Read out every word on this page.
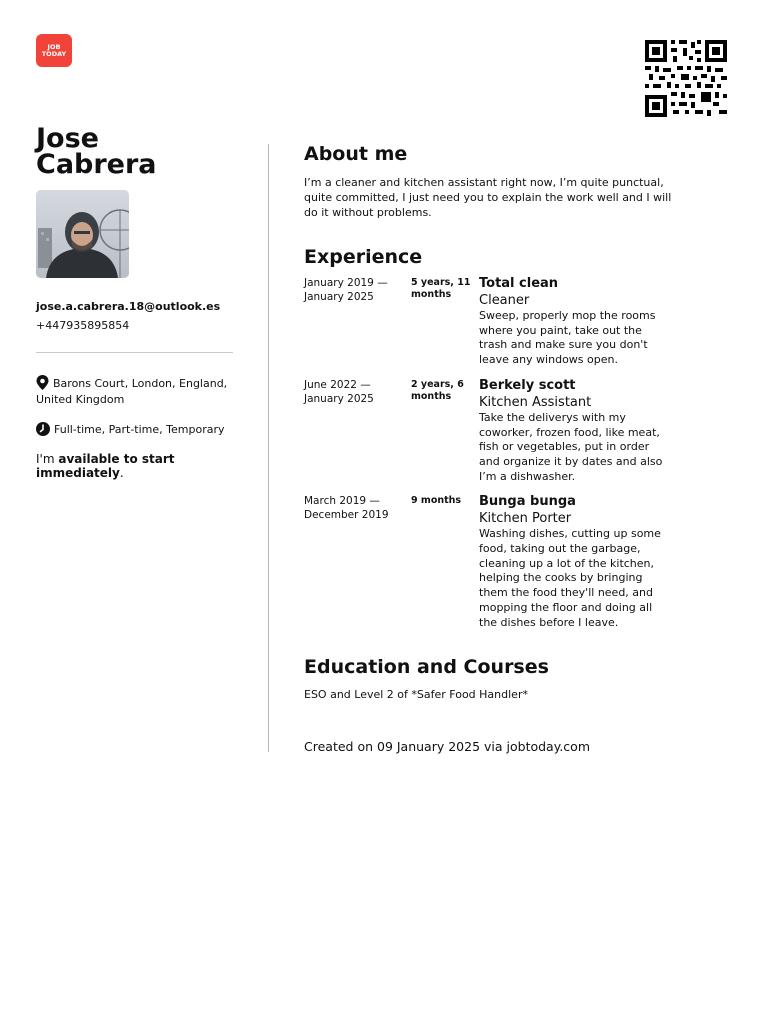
JOB
TODAY
Jose
Cabrera
jose.a.cabrera.18@outlook.es
+447935895854
Barons Court, London, England, United Kingdom
Full-time, Part-time, Temporary
I'm available to start immediately.
About me

I’m a cleaner and kitchen assistant right now, I’m quite punctual, quite committed, I just need you to explain the work well and I will do it without problems.

Experience
January 2019 — January 2025
5 years, 11 months
Total clean
Cleaner
Sweep, properly mop the rooms where you paint, take out the trash and make sure you don't leave any windows open.
June 2022 — January 2025
2 years, 6 months
Berkely scott
Kitchen Assistant
Take the deliverys with my coworker, frozen food, like meat, fish or vegetables, put in order and organize it by dates and also I’m a dishwasher.
March 2019 — December 2019
9 months	Bunga bunga
Kitchen Porter
Washing dishes, cutting up some food, taking out the garbage, cleaning up a lot of the kitchen, helping the cooks by bringing them the food they'll need, and mopping the floor and doing all the dishes before I leave.
Education and Courses

ESO and Level 2 of *Safer Food Handler*

Created on 09 January 2025 via jobtoday.com
